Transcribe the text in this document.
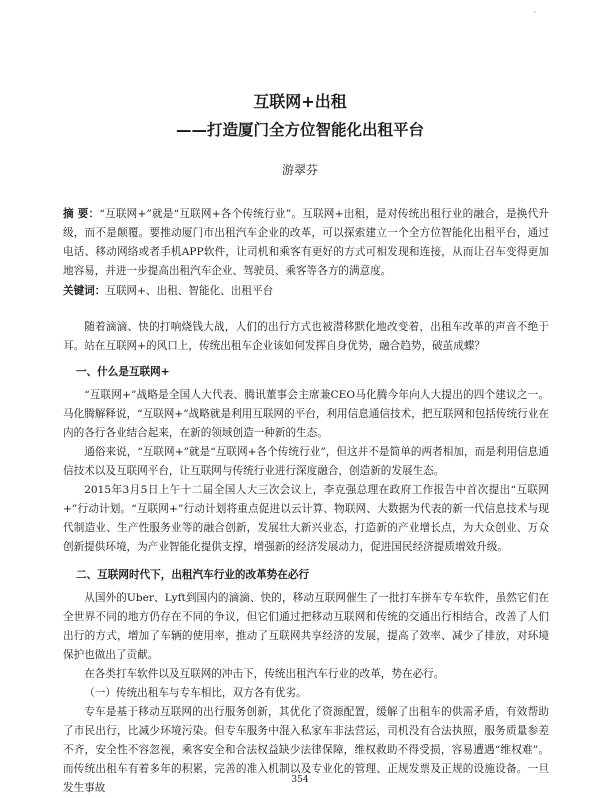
·
互联网+出租
——打造厦门全方位智能化出租平台
游翠芬
摘 要：“互联网+”就是“互联网+各个传统行业”。互联网+出租，是对传统出租行业的融合，是换代升级，而不是颠覆。要推动厦门市出租汽车企业的改革，可以探索建立一个全方位智能化出租平台，通过电话、移动网络或者手机APP软件，让司机和乘客有更好的方式可相发现和连接，从而让召车变得更加地容易，并进一步提高出租汽车企业、驾驶员、乘客等各方的满意度。
关键词：互联网+、出租、智能化、出租平台

随着滴滴、快的打响烧钱大战，人们的出行方式也被潜移默化地改变着，出租车改革的声音不绝于耳。站在互联网+的风口上，传统出租车企业该如何发挥自身优势，融合趋势，破茧成蝶？

一、什么是互联网+

“互联网+”战略是全国人大代表、腾讯董事会主席兼CEO马化腾今年向人大提出的四个建议之一。马化腾解释说，“互联网+”战略就是利用互联网的平台，利用信息通信技术，把互联网和包括传统行业在内的各行各业结合起来，在新的领域创造一种新的生态。

通俗来说，“互联网+”就是“互联网+各个传统行业”，但这并不是简单的两者相加，而是利用信息通信技术以及互联网平台，让互联网与传统行业进行深度融合，创造新的发展生态。

2015年3月5日上午十二届全国人大三次会议上，李克强总理在政府工作报告中首次提出“互联网+”行动计划。“互联网+”行动计划将重点促进以云计算、物联网、大数据为代表的新一代信息技术与现代制造业、生产性服务业等的融合创新，发展壮大新兴业态，打造新的产业增长点，为大众创业、万众创新提供环境，为产业智能化提供支撑，增强新的经济发展动力，促进国民经济提质增效升级。

二、互联网时代下，出租汽车行业的改革势在必行

从国外的Uber、Lyft到国内的滴滴、快的，移动互联网催生了一批打车拼车专车软件，虽然它们在全世界不同的地方仍存在不同的争议，但它们通过把移动互联网和传统的交通出行相结合，改善了人们出行的方式，增加了车辆的使用率，推动了互联网共享经济的发展，提高了效率、减少了排放，对环境保护也做出了贡献。

在各类打车软件以及互联网的冲击下，传统出租汽车行业的改革，势在必行。

（一）传统出租车与专车相比，双方各有优劣。

专车是基于移动互联网的出行服务创新，其优化了资源配置，缓解了出租车的供需矛盾，有效帮助了市民出行，比减少环境污染。但专车服务中混入私家车非法营运，司机没有合法执照，服务质量参差不齐，安全性不容忽视，乘客安全和合法权益缺少法律保障，维权救助不得受损，容易遭遇“维权难”。而传统出租车有着多年的积累，完善的准入机制以及专业化的管理、正规发票及正规的设施设备。一旦发生事故

354
